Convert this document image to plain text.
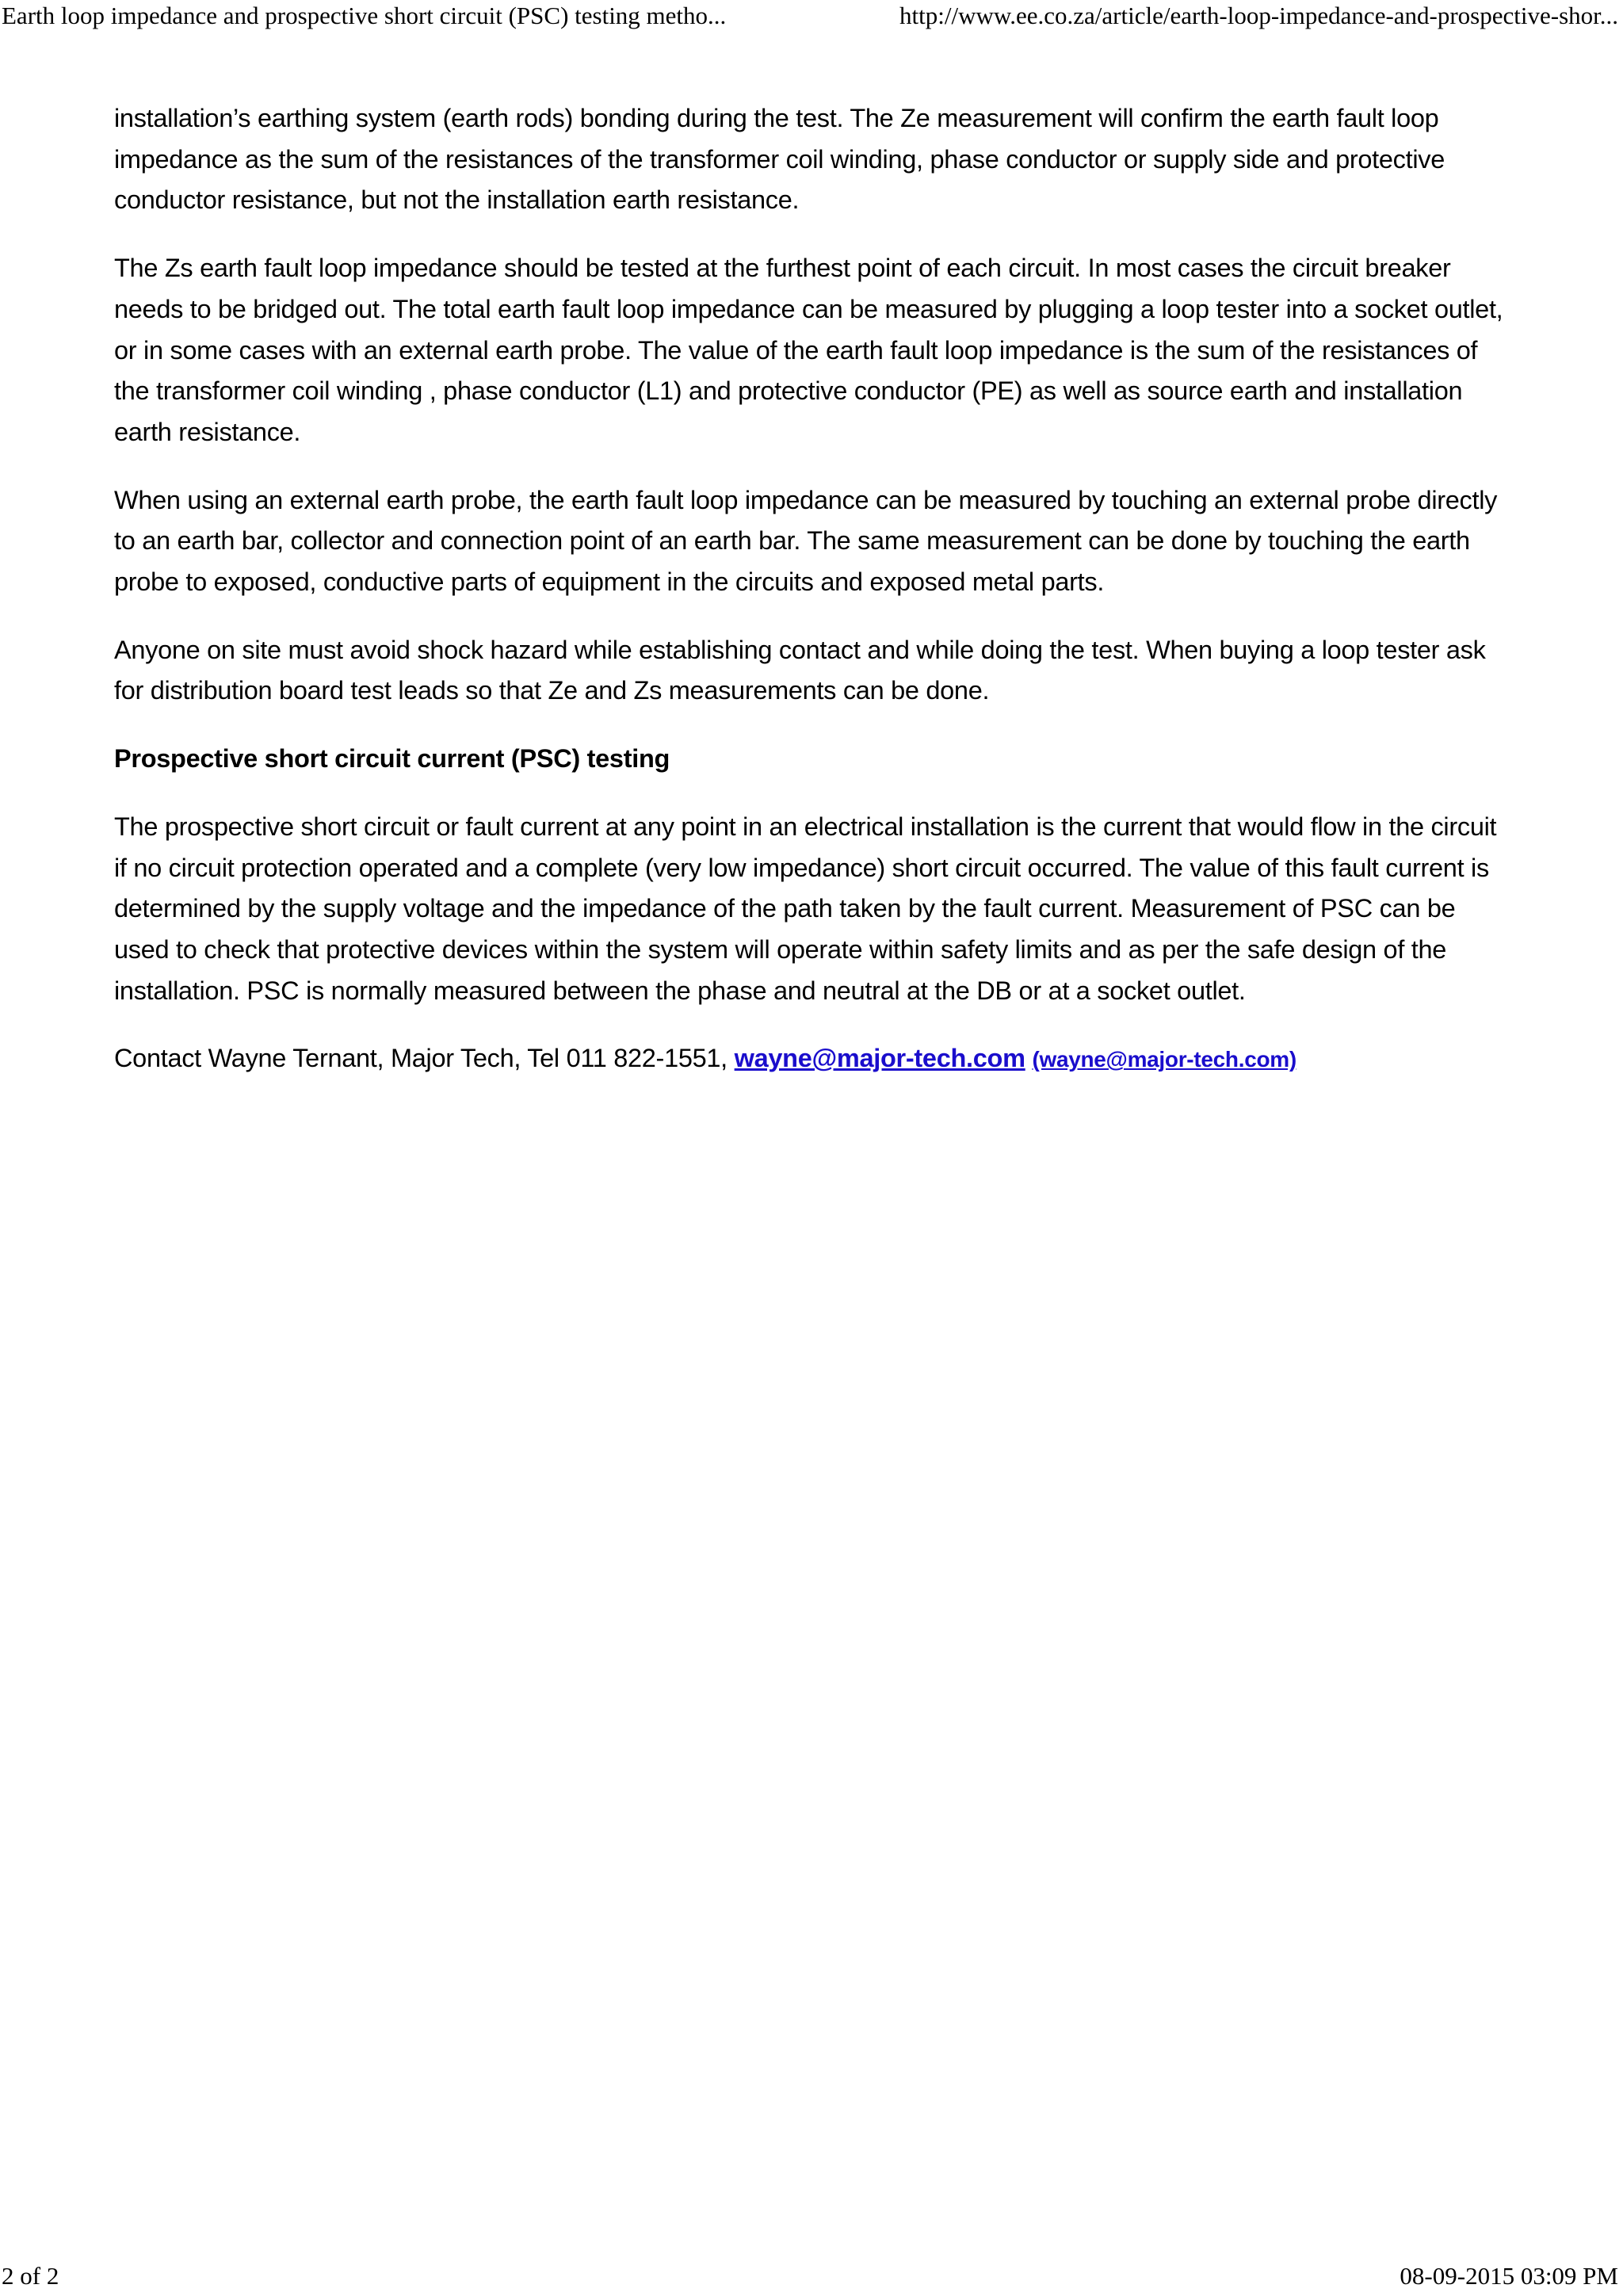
Earth loop impedance and prospective short circuit (PSC) testing metho...	http://www.ee.co.za/article/earth-loop-impedance-and-prospective-shor...

installation’s earthing system (earth rods) bonding during the test. The Ze measurement will confirm the earth fault loop impedance as the sum of the resistances of the transformer coil winding, phase conductor or supply side and protective conductor resistance, but not the installation earth resistance.

The Zs earth fault loop impedance should be tested at the furthest point of each circuit. In most cases the circuit breaker needs to be bridged out. The total earth fault loop impedance can be measured by plugging a loop tester into a socket outlet, or in some cases with an external earth probe. The value of the earth fault loop impedance is the sum of the resistances of the transformer coil winding , phase conductor (L1) and protective conductor (PE) as well as source earth and installation earth resistance.

When using an external earth probe, the earth fault loop impedance can be measured by touching an external probe directly to an earth bar, collector and connection point of an earth bar. The same measurement can be done by touching the earth probe to exposed, conductive parts of equipment in the circuits and exposed metal parts.

Anyone on site must avoid shock hazard while establishing contact and while doing the test. When buying a loop tester ask for distribution board test leads so that Ze and Zs measurements can be done.

Prospective short circuit current (PSC) testing

The prospective short circuit or fault current at any point in an electrical installation is the current that would flow in the circuit if no circuit protection operated and a complete (very low impedance) short circuit occurred. The value of this fault current is determined by the supply voltage and the impedance of the path taken by the fault current. Measurement of PSC can be used to check that protective devices within the system will operate within safety limits and as per the safe design of the installation. PSC is normally measured between the phase and neutral at the DB or at a socket outlet.

Contact Wayne Ternant, Major Tech, Tel 011 822-1551, wayne@major-tech.com (wayne@major-tech.com)

2 of 2	08-09-2015 03:09 PM
